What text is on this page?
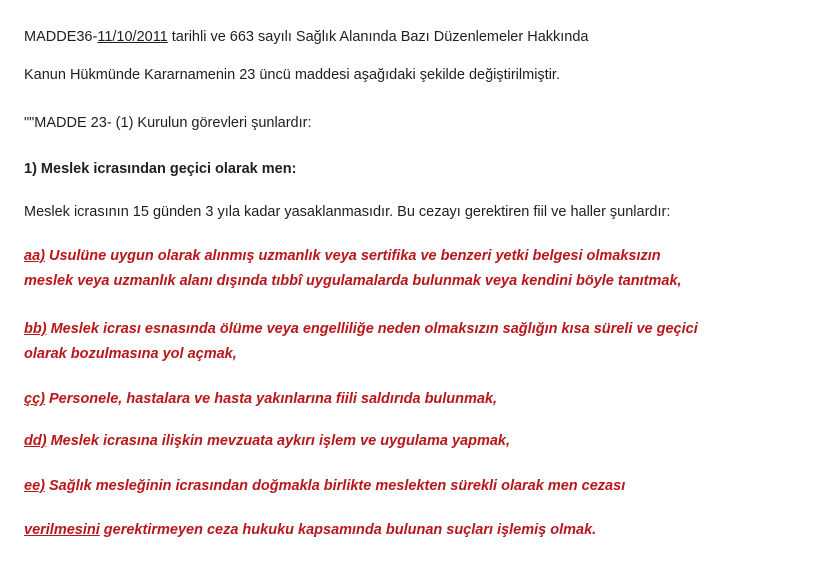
MADDE36-11/10/2011 tarihli ve 663 sayılı Sağlık Alanında Bazı Düzenlemeler Hakkında
Kanun Hükmünde Kararnamenin 23 üncü maddesi aşağıdaki şekilde değiştirilmiştir.
""MADDE 23- (1) Kurulun görevleri şunlardır:
1) Meslek icrasından geçici olarak men:
Meslek icrasının 15 günden 3 yıla kadar yasaklanmasıdır. Bu cezayı gerektiren fiil ve haller şunlardır:
aa) Usulüne uygun olarak alınmış uzmanlık veya sertifika ve benzeri yetki belgesi olmaksızın
meslek veya uzmanlık alanı dışında tıbbî uygulamalarda bulunmak veya kendini böyle tanıtmak,
bb) Meslek icrası esnasında ölüme veya engelliliğe neden olmaksızın sağlığın kısa süreli ve geçici
olarak bozulmasına yol açmak,
çç) Personele, hastalara ve hasta yakınlarına fiili saldırıda bulunmak,
dd) Meslek icrasına ilişkin mevzuata aykırı işlem ve uygulama yapmak,
ee) Sağlık mesleğinin icrasından doğmakla birlikte meslekten sürekli olarak men cezası
verilmesini gerektirmeyen ceza hukuku kapsamında bulunan suçları işlemiş olmak.
